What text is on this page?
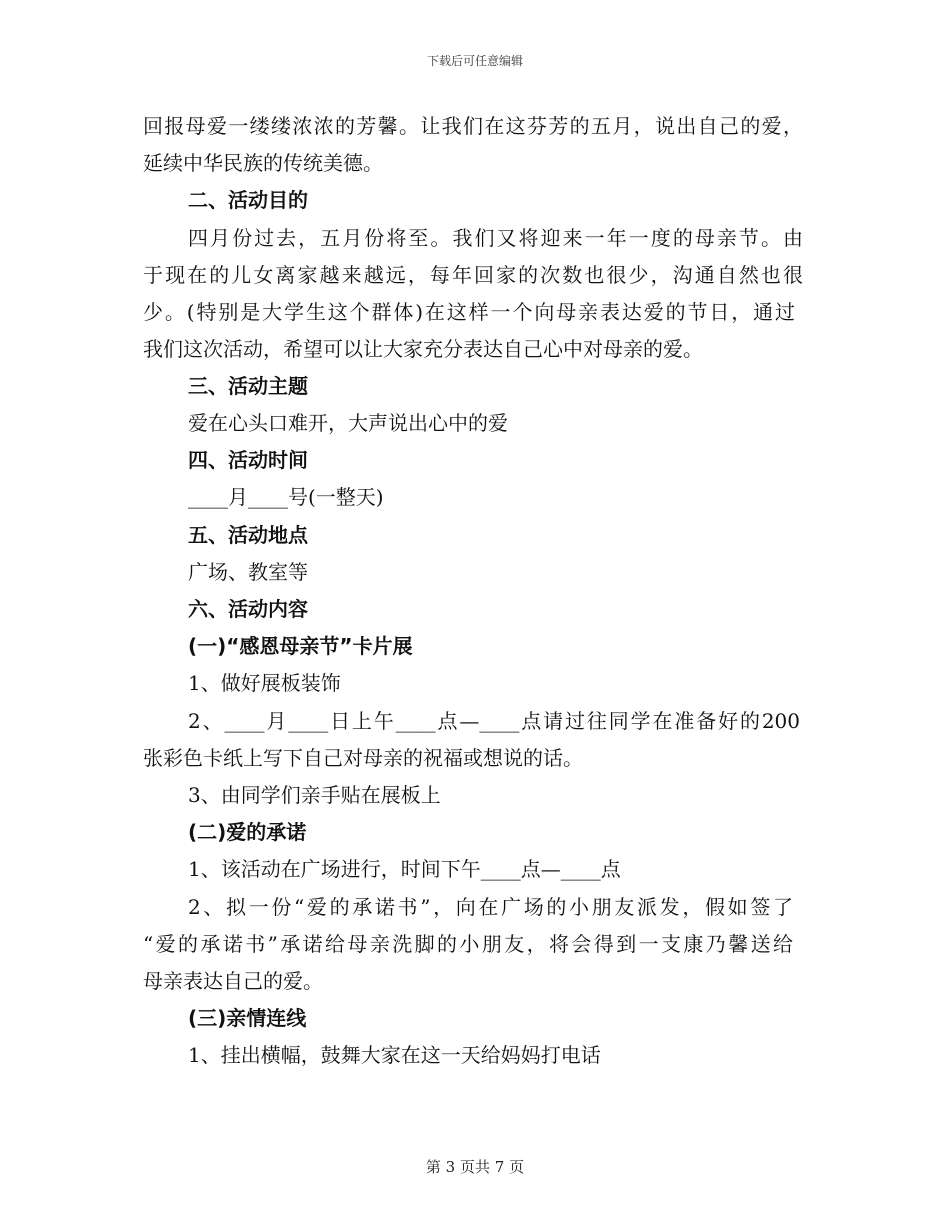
下载后可任意编辑
回报母爱一缕缕浓浓的芳馨。让我们在这芬芳的五月，说出自己的爱，
延续中华民族的传统美德。
二、活动目的
四月份过去，五月份将至。我们又将迎来一年一度的母亲节。由
于现在的儿女离家越来越远，每年回家的次数也很少，沟通自然也很
少。(特别是大学生这个群体)在这样一个向母亲表达爱的节日，通过
我们这次活动，希望可以让大家充分表达自己心中对母亲的爱。
三、活动主题
爱在心头口难开，大声说出心中的爱
四、活动时间
____月____号(一整天)
五、活动地点
广场、教室等
六、活动内容
(一)“感恩母亲节”卡片展
1、做好展板装饰
2、____月____日上午____点—____点请过往同学在准备好的200
张彩色卡纸上写下自己对母亲的祝福或想说的话。
3、由同学们亲手贴在展板上
(二)爱的承诺
1、该活动在广场进行，时间下午____点—____点
2、拟一份“爱的承诺书”，向在广场的小朋友派发，假如签了
“爱的承诺书”承诺给母亲洗脚的小朋友，将会得到一支康乃馨送给
母亲表达自己的爱。
(三)亲情连线
1、挂出横幅，鼓舞大家在这一天给妈妈打电话
第 3 页共 7 页
